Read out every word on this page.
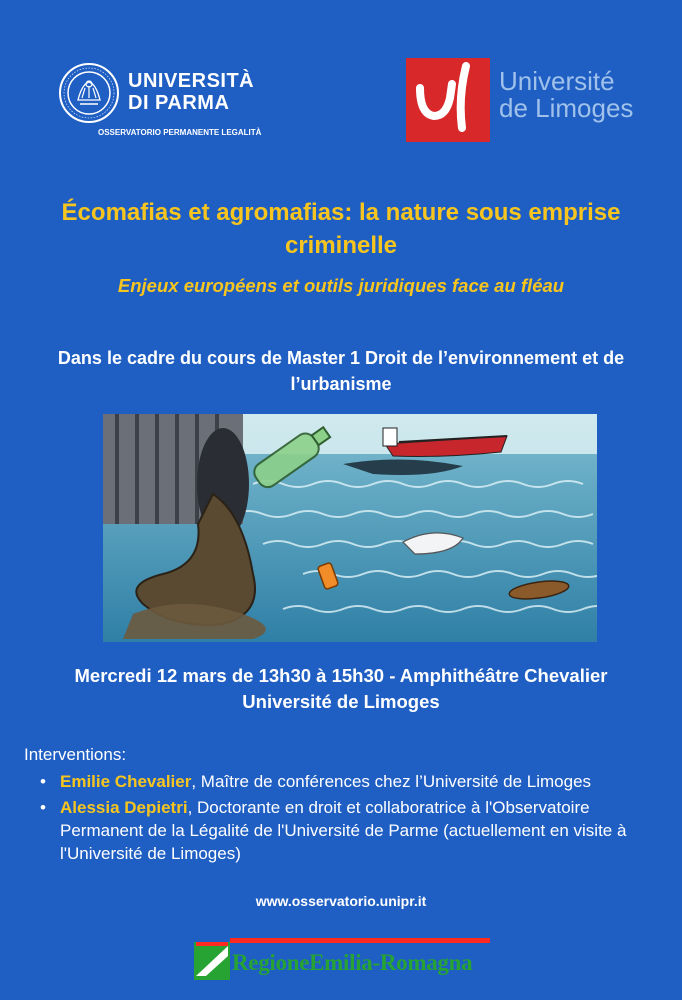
UNIVERSITÀ
DI PARMA
OSSERVATORIO PERMANENTE LEGALITÀ
Université
de Limoges
Écomafias et agromafias: la nature sous emprise criminelle
Enjeux européens et outils juridiques face au fléau
Dans le cadre du cours de Master 1 Droit de l’environnement et de l’urbanisme
Mercredi 12 mars de 13h30 à 15h30 - Amphithéâtre Chevalier
Université de Limoges
Interventions:
• Emilie Chevalier, Maître de conférences chez l’Université de Limoges
• Alessia Depietri, Doctorante en droit et collaboratrice à l'Observatoire Permanent de la Légalité de l'Université de Parme (actuellement en visite à l'Université de Limoges)
www.osservatorio.unipr.it
RegioneEmilia-Romagna
